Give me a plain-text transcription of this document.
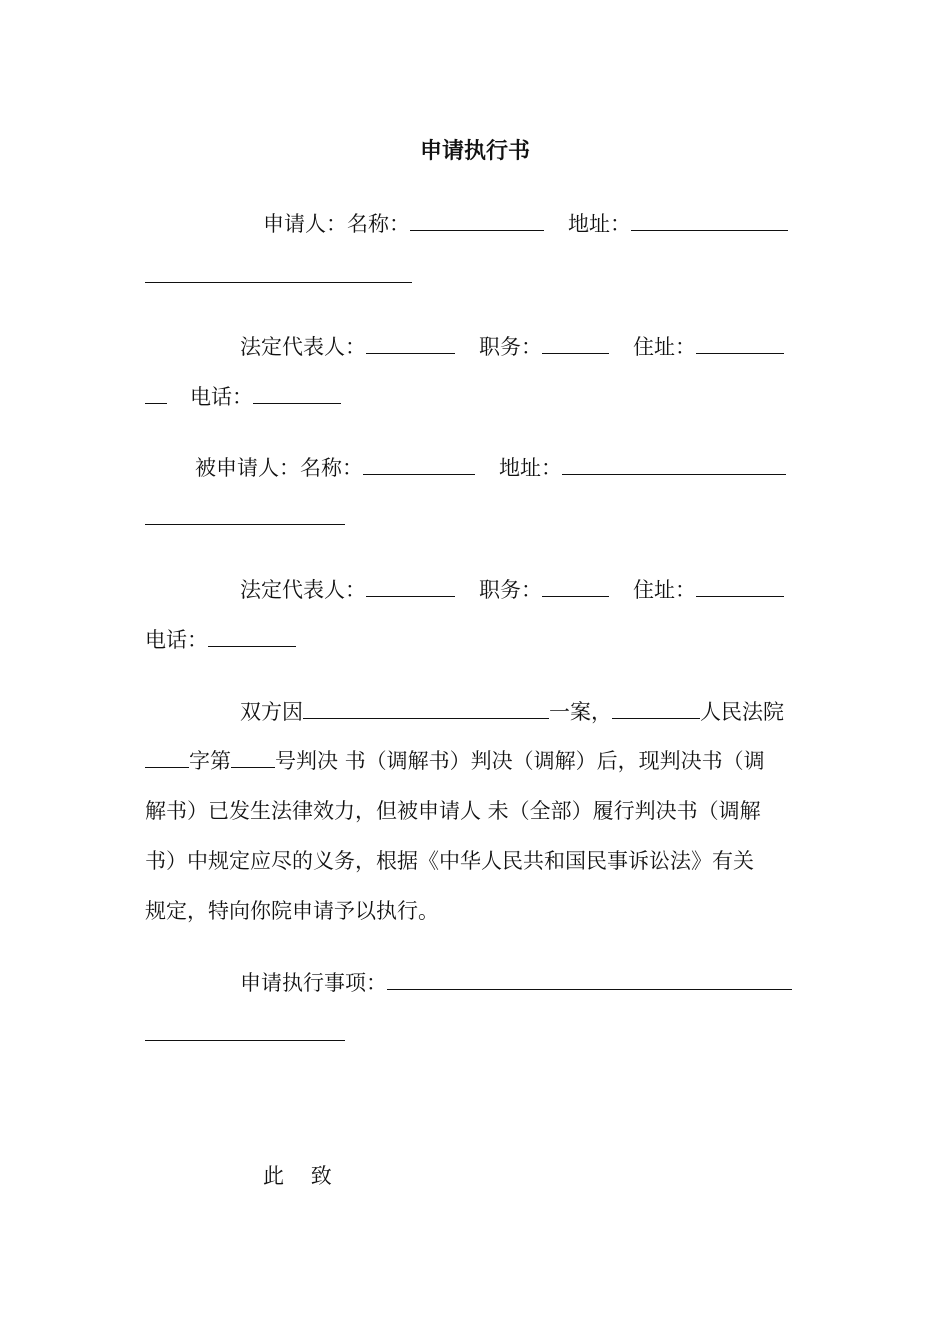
申请执行书
申请人：名称：	地址：
法定代表人：	职务：	住址：
电话：
被申请人：名称：	地址：
法定代表人：	职务：	住址：
电话：
双方因	一案，	人民法院
字第 号判决 书（调解书）判决（调解）后，现判决书（调
解书）已发生法律效力，但被申请人 未（全部）履行判决书（调解
书）中规定应尽的义务，根据《中华人民共和国民事诉讼法》有关
规定，特向你院申请予以执行。
申请执行事项：
此    致
